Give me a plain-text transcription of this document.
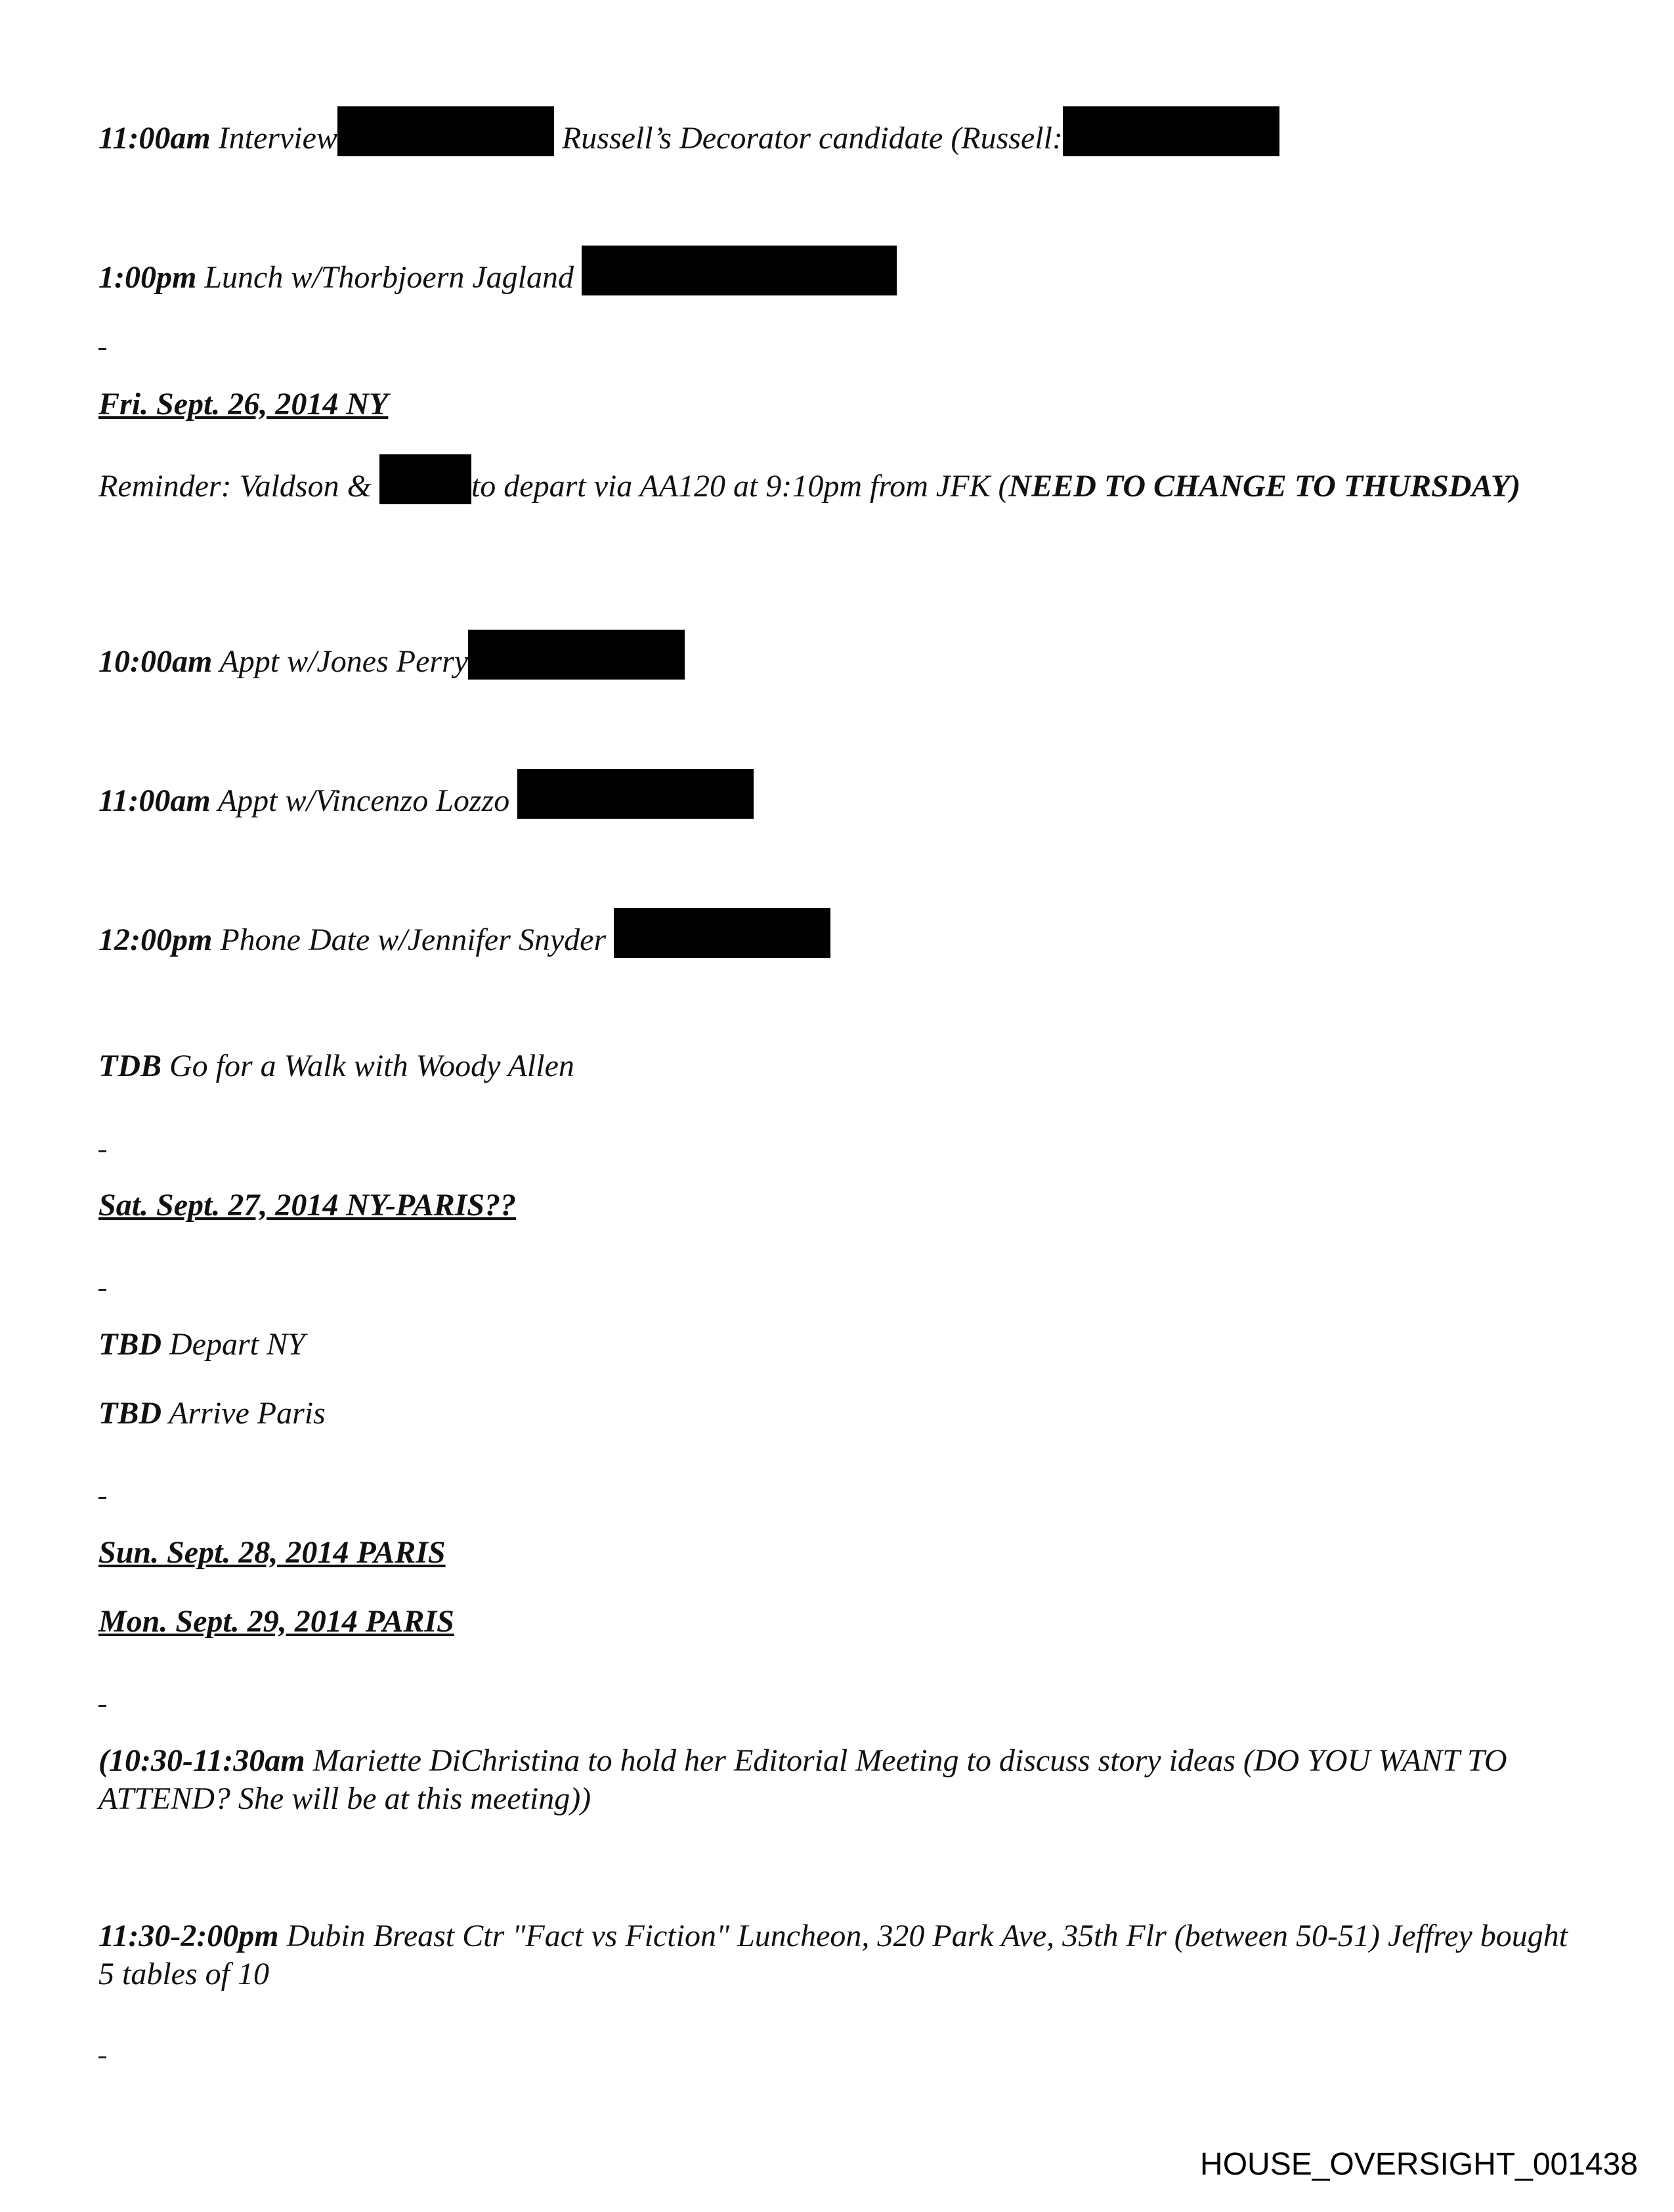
11:00am Interview	Russell’s Decorator candidate (Russell:

1:00pm Lunch w/Thorbjoern Jagland

Fri. Sept. 26, 2014 NY

Reminder: Valdson &	to depart via AA120 at 9:10pm from JFK (NEED TO CHANGE TO THURSDAY)

10:00am Appt w/Jones Perry

11:00am Appt w/Vincenzo Lozzo

12:00pm Phone Date w/Jennifer Snyder

TDB Go for a Walk with Woody Allen

Sat. Sept. 27, 2014 NY-PARIS??

TBD Depart NY

TBD Arrive Paris

Sun. Sept. 28, 2014 PARIS

Mon. Sept. 29, 2014 PARIS

(10:30-11:30am Mariette DiChristina to hold her Editorial Meeting to discuss story ideas (DO YOU WANT TO ATTEND? She will be at this meeting))

11:30-2:00pm Dubin Breast Ctr "Fact vs Fiction" Luncheon, 320 Park Ave, 35th Flr (between 50-51) Jeffrey bought 5 tables of 10

HOUSE_OVERSIGHT_001438
